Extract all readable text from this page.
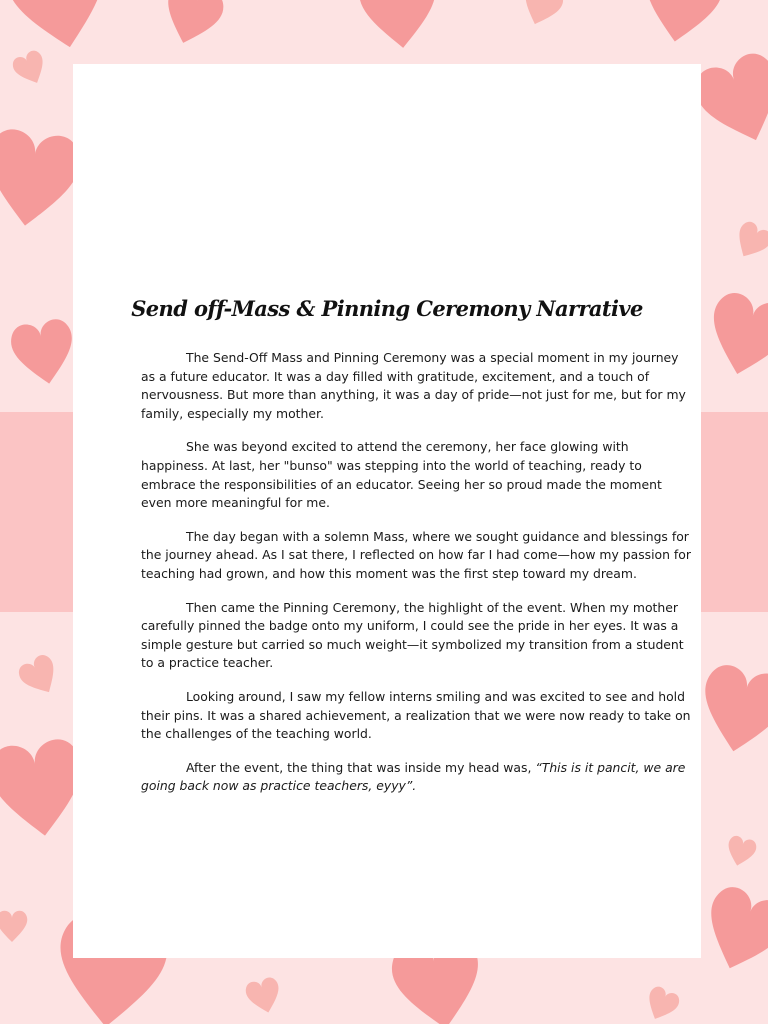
Send off-Mass & Pinning Ceremony Narrative

The Send-Off Mass and Pinning Ceremony was a special moment in my journey as a future educator. It was a day filled with gratitude, excitement, and a touch of nervousness. But more than anything, it was a day of pride—not just for me, but for my family, especially my mother.

She was beyond excited to attend the ceremony, her face glowing with happiness. At last, her "bunso" was stepping into the world of teaching, ready to embrace the responsibilities of an educator. Seeing her so proud made the moment even more meaningful for me.

The day began with a solemn Mass, where we sought guidance and blessings for the journey ahead. As I sat there, I reflected on how far I had come—how my passion for teaching had grown, and how this moment was the first step toward my dream.

Then came the Pinning Ceremony, the highlight of the event. When my mother carefully pinned the badge onto my uniform, I could see the pride in her eyes. It was a simple gesture but carried so much weight—it symbolized my transition from a student to a practice teacher.

Looking around, I saw my fellow interns smiling and was excited to see and hold their pins. It was a shared achievement, a realization that we were now ready to take on the challenges of the teaching world.

After the event, the thing that was inside my head was, “This is it pancit, we are going back now as practice teachers, eyyy”.
